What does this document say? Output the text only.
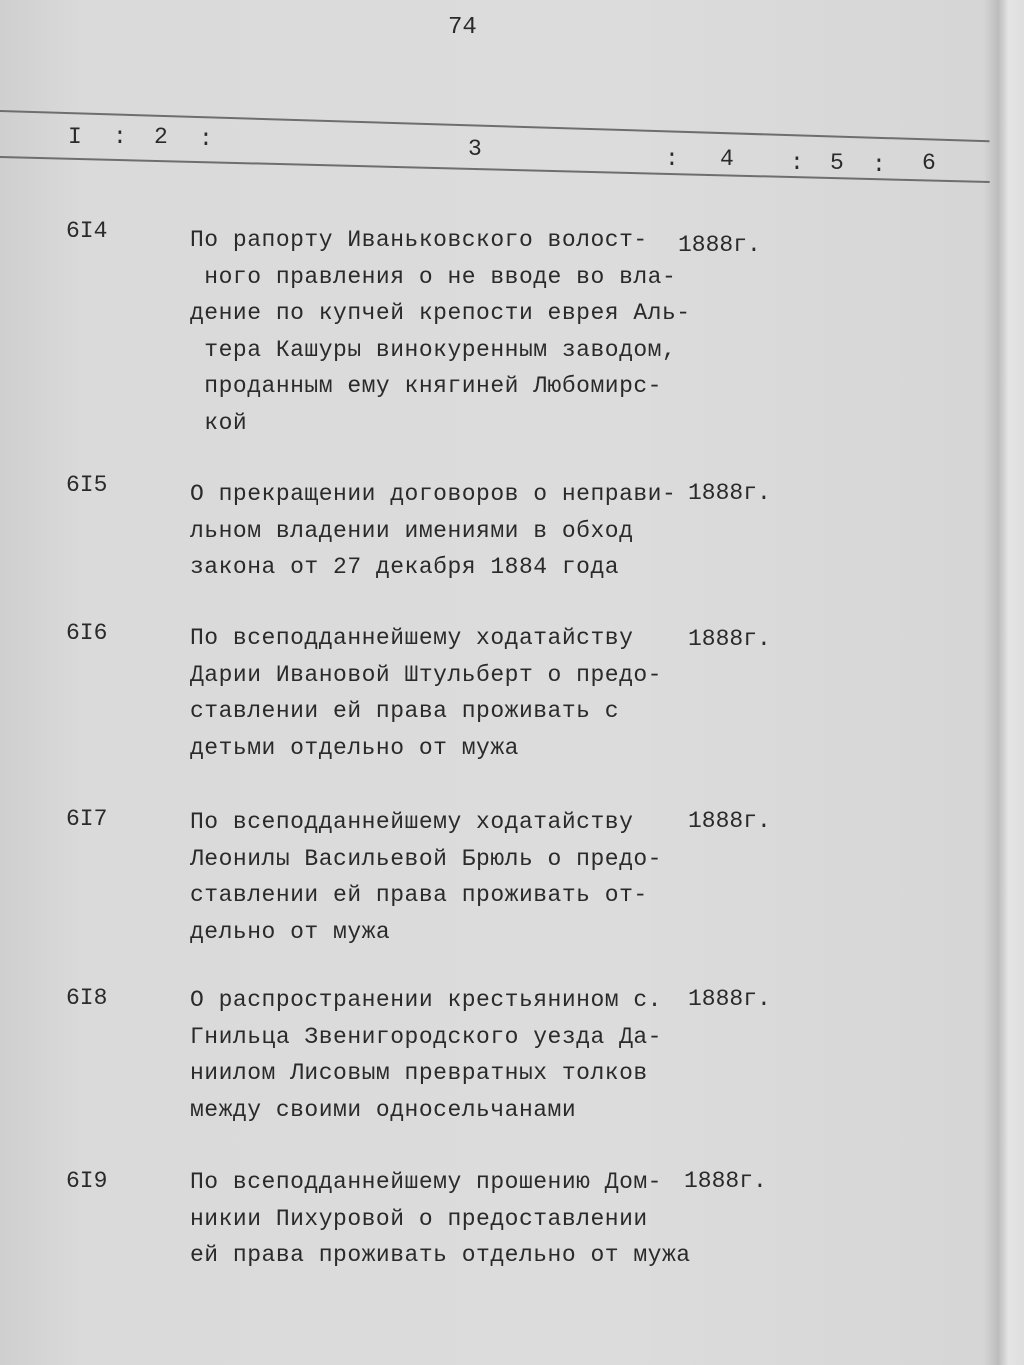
74
I : 2 :	3	: 4 : 5 : 6
6I4	По рапорту Иваньковского волост-
ного правления о не вводе во вла-
дение по купчей крепости еврея Аль-
тера Кашуры винокуренным заводом,
проданным ему княгиней Любомирс-
кой
1888г.
6I5	О прекращении договоров о неправи-
льном владении имениями в обход
закона от 27 декабря 1884 года
1888г.
6I6	По всеподданнейшему ходатайству
Дарии Ивановой Штульберт о предо-
ставлении ей права проживать с
детьми отдельно от мужа
1888г.
6I7	По всеподданнейшему ходатайству
Леонилы Васильевой Брюль о предо-
ставлении ей права проживать от-
дельно от мужа
1888г.
6I8	О распространении крестьянином с.
Гнильца Звенигородского уезда Да-
ниилом Лисовым превратных толков
между своими односельчанами
1888г.
6I9	По всеподданнейшему прошению Дом-
никии Пихуровой о предоставлении
ей права проживать отдельно от мужа
1888г.
